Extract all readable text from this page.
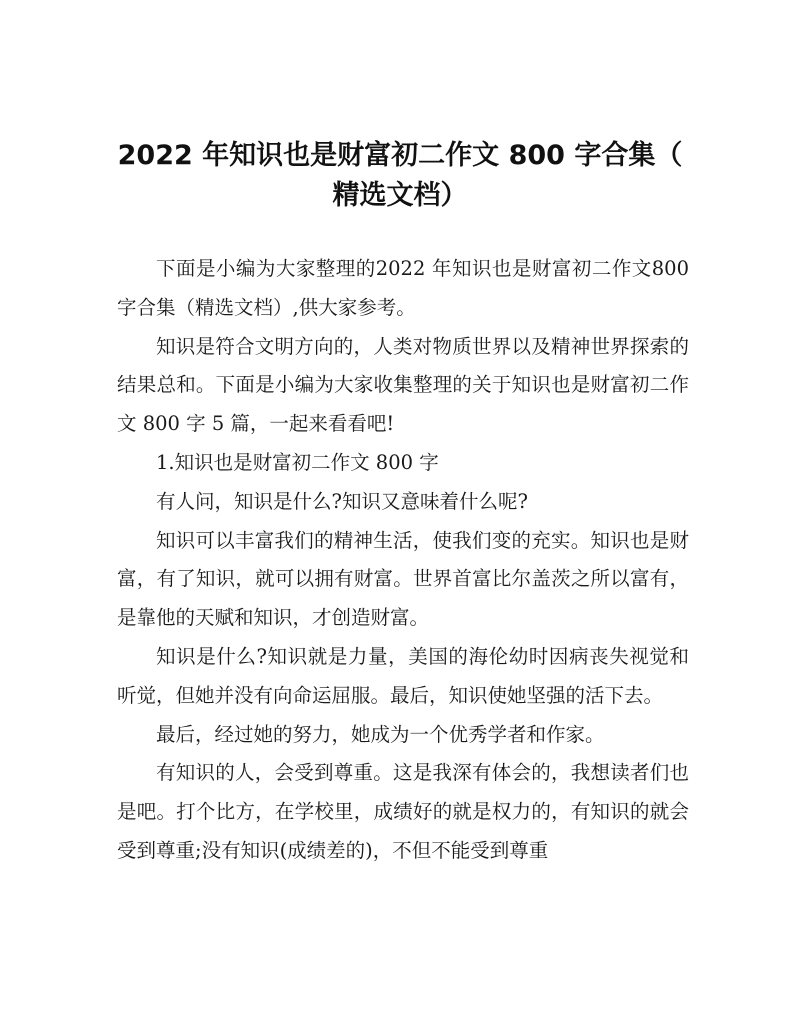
2022 年知识也是财富初二作文 800 字合集（
精选文档）

下面是小编为大家整理的2022 年知识也是财富初二作文800 字合集（精选文档）,供大家参考。

知识是符合文明方向的，人类对物质世界以及精神世界探索的结果总和。下面是小编为大家收集整理的关于知识也是财富初二作文 800 字 5 篇，一起来看看吧!

1.知识也是财富初二作文 800 字

有人问，知识是什么?知识又意味着什么呢?

知识可以丰富我们的精神生活，使我们变的充实。知识也是财富，有了知识，就可以拥有财富。世界首富比尔盖茨之所以富有，是靠他的天赋和知识，才创造财富。

知识是什么?知识就是力量，美国的海伦幼时因病丧失视觉和听觉，但她并没有向命运屈服。最后，知识使她坚强的活下去。

最后，经过她的努力，她成为一个优秀学者和作家。

有知识的人，会受到尊重。这是我深有体会的，我想读者们也是吧。打个比方，在学校里，成绩好的就是权力的，有知识的就会受到尊重;没有知识(成绩差的)，不但不能受到尊重
